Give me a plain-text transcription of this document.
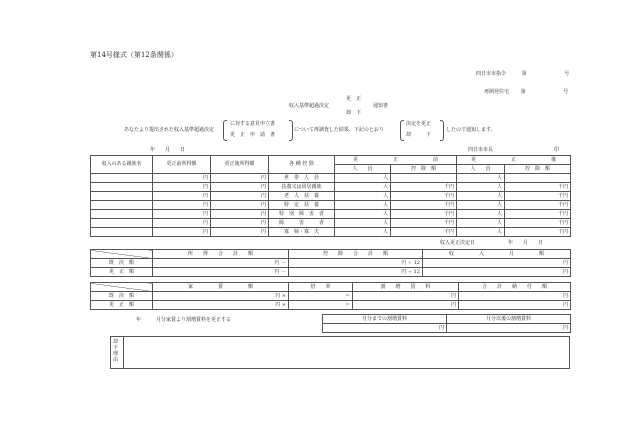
第14号様式（第12条関係）
四日市市指令	第	号
再開発住宅 第	号
更　正
収入基準超過決定	通知書
却　下
あなたより提出された収入基準超過決定
に対する意見申立書
更　正　申　請　書
について再調査した結果、下記のとおり
決定を更正
却　　　下
したので通知します。
年　　月　　日	四日市市長	印
収入のある親族名	更正前所得額	更正後所得額	各 種 控 除	更　　　　　　　正　　　　　　　前		更　　　　　　　正　　　　　　　後	
				人　　員	控　除　額	人　　員	控　除　額
	円	円	世　帯　人　員	人		人	
	円	円	扶養又は同居親族	人	千円	人	千円
	円	円	老　人　扶　養	人	千円	人	千円
	円	円	特　定　扶　養	人	千円	人	千円
	円	円	特　別　障　害　者	人	千円	人	千円
	円	円	障　　　害　　　者	人	千円	人	千円
	円	円	寡　婦・寡　夫	人	千円	人	千円
収入更正決定日	年　　月　　日
	所　　得　　合　　計　　額	控　　除　　合　　計　　額	収　　　　　入　　　　　月　　　　　額
既　決　額	円 －	円 ÷ 12	円
更　正　額	円 －	円 ÷ 12	円
	家　　　　　賃　　　　　額	倍　　率	割　　増　　賃　　料	合　　計　　納　　付　　額
既　決　額	円 ×	＝	円	円
更　正　額	円 ×	＝	円	円
年　　　月分家賃より割増賃料を更正する	月分までの割増賃料	月分以後の割増賃料
円	円
却
下
理
由
